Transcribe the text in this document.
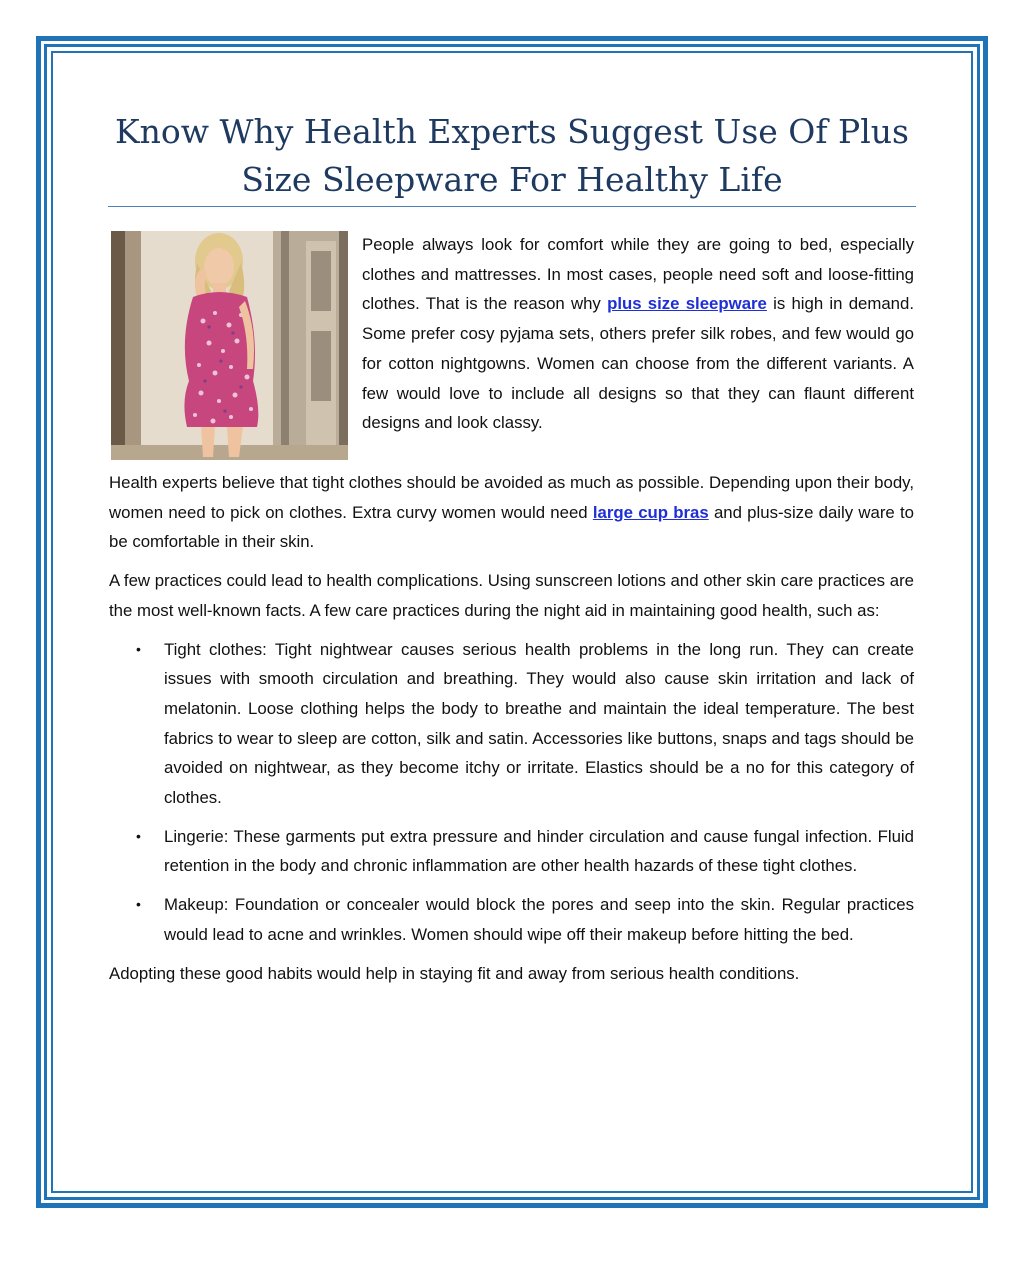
Know Why Health Experts Suggest Use Of Plus Size Sleepware For Healthy Life

People always look for comfort while they are going to bed, especially clothes and mattresses. In most cases, people need soft and loose-fitting clothes. That is the reason why plus size sleepware is high in demand. Some prefer cosy pyjama sets, others prefer silk robes, and few would go for cotton nightgowns. Women can choose from the different variants. A few would love to include all designs so that they can flaunt different designs and look classy.

Health experts believe that tight clothes should be avoided as much as possible. Depending upon their body, women need to pick on clothes. Extra curvy women would need large cup bras and plus-size daily ware to be comfortable in their skin.

A few practices could lead to health complications. Using sunscreen lotions and other skin care practices are the most well-known facts. A few care practices during the night aid in maintaining good health, such as:

• Tight clothes: Tight nightwear causes serious health problems in the long run. They can create issues with smooth circulation and breathing. They would also cause skin irritation and lack of melatonin. Loose clothing helps the body to breathe and maintain the ideal temperature. The best fabrics to wear to sleep are cotton, silk and satin. Accessories like buttons, snaps and tags should be avoided on nightwear, as they become itchy or irritate. Elastics should be a no for this category of clothes.
• Lingerie: These garments put extra pressure and hinder circulation and cause fungal infection. Fluid retention in the body and chronic inflammation are other health hazards of these tight clothes.
• Makeup: Foundation or concealer would block the pores and seep into the skin. Regular practices would lead to acne and wrinkles. Women should wipe off their makeup before hitting the bed.

Adopting these good habits would help in staying fit and away from serious health conditions.
